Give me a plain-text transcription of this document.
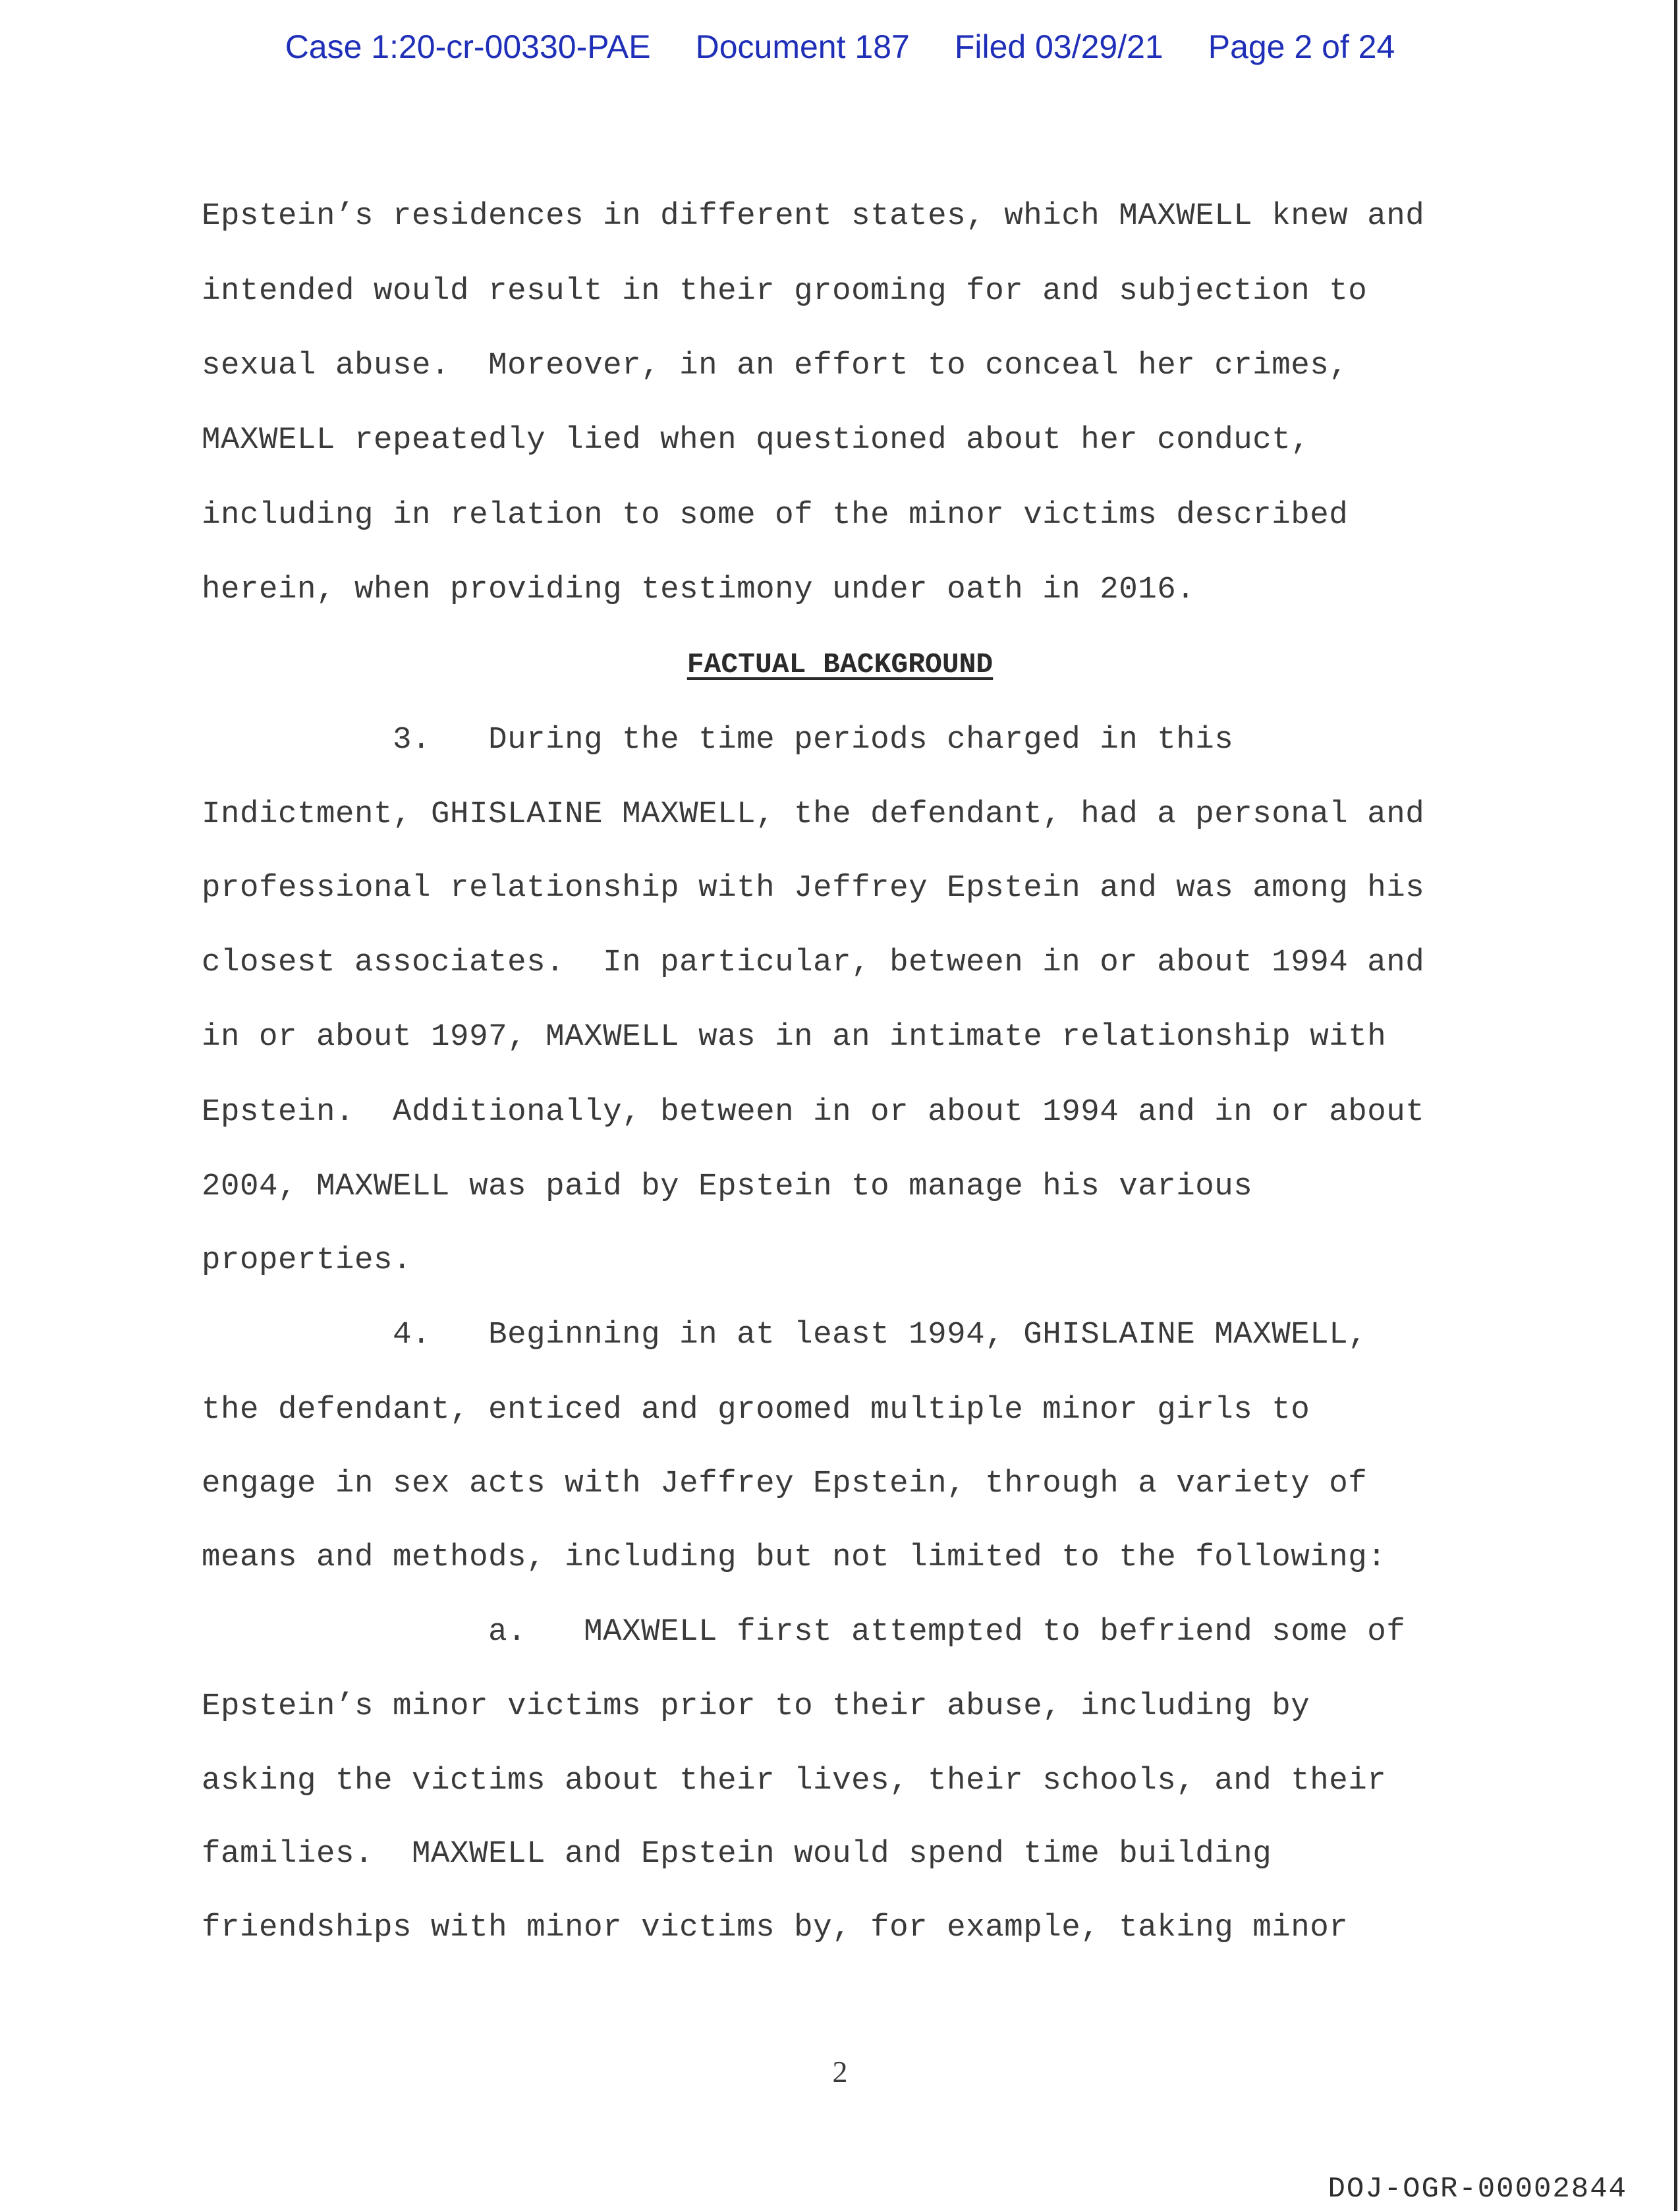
Case 1:20-cr-00330-PAE Document 187 Filed 03/29/21 Page 2 of 24
Epstein’s residences in different states, which MAXWELL knew and
intended would result in their grooming for and subjection to
sexual abuse.  Moreover, in an effort to conceal her crimes,
MAXWELL repeatedly lied when questioned about her conduct,
including in relation to some of the minor victims described
herein, when providing testimony under oath in 2016.
FACTUAL BACKGROUND
3.   During the time periods charged in this
Indictment, GHISLAINE MAXWELL, the defendant, had a personal and
professional relationship with Jeffrey Epstein and was among his
closest associates.  In particular, between in or about 1994 and
in or about 1997, MAXWELL was in an intimate relationship with
Epstein.  Additionally, between in or about 1994 and in or about
2004, MAXWELL was paid by Epstein to manage his various
properties.
4.   Beginning in at least 1994, GHISLAINE MAXWELL,
the defendant, enticed and groomed multiple minor girls to
engage in sex acts with Jeffrey Epstein, through a variety of
means and methods, including but not limited to the following:
a.   MAXWELL first attempted to befriend some of
Epstein’s minor victims prior to their abuse, including by
asking the victims about their lives, their schools, and their
families.  MAXWELL and Epstein would spend time building
friendships with minor victims by, for example, taking minor
2
DOJ-OGR-00002844
